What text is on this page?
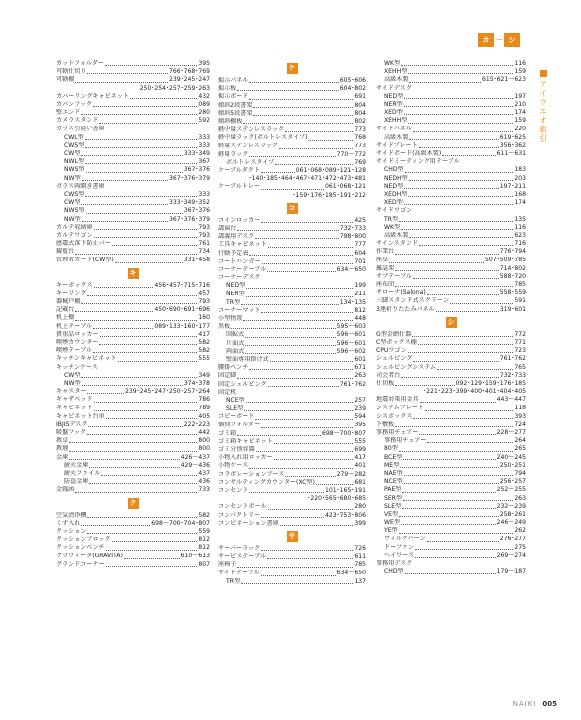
カ － シ
アイウエオ索引
カットフォルダー	395
可動仕切り	766･768･769
可動棚	239･245･247
250･254･257･259･263
カバーリングキャビネット	432
カバンフック	089
壁エンド	280
カメラスタンド	592
ガラス引違い書庫
CWL型	333
CWS型	333
CW型	333･349
NWL型	367
NWS型	367･376
NW型	367･376･379
ガラス両開き書庫
CWS型	333
CW型	333･349･352
NWS型	367･376
NW型	367･376･379
カルテ収納庫	793
カルテワゴン	793
感震式落下防止バー	761
観覧台	734
管理者カード(CW型)	331･458
キ
キーボックス	456･457･715･716
キーリング	457
器械戸棚	793
記載台	450･690･691･696
机上棚	160
机上テーブル	089･133･160･177
貴重品ロッカー	417
喫煙カウンター	582
喫煙テーブル	582
キッチンキャビネット	555
キッチンケース
CW型	349
NW型	374･378
キャスター	239･245･247･250･257･264
ギャザベッド	786
キャビネット	789
キャビネット台車	405
IBJISデスク	222･223
吸盤フック	442
教卓	800
教壇	800
金庫	426～437
耐火金庫	429～436
耐火ファイル	437
防盗金庫	436
金銭函	733
ク
空気清浄機	582
くず入れ	698～700･704･807
クッション	559
クッションブロック	812
クッションベンチ	812
グラヴィータ(GRAVITA)	610～613
グランドコーナー	807
ケ
掲示パネル	605･606
掲示板	604･802
掲示ボード	691
傾斜2段書架	804
傾斜5段書架	804
傾斜棚板	802
軽中量ステンレスラック	773
軽中量ラック(ボルトレスタイプ)	768
軽量ステンレスラック	773
軽量ラック	770～772
ボルトレスタイプ	769
ケーブルダクト	061･068･089･121･128
･140･185･464･467･471･472･473･481
ケーブルトレー	061･068･121
･159･176･185･191･212
コ
コインロッカー	425
講演台	732･733
講義用デスク	798･800
工具キャビネット	777
行動予定表	604
コートハンガー	701
コーナーテーブル	634～650
コーナーデスク
NED型	199
NER型	211
TR型	134･135
コーナーマット	812
小型物置	448
黒板	595～603
回転式	596～601
片面式	596～601
両面式	596～602
壁面専用掛け式	601
腰掛ベンチ	671
固定脚	263
固定シェルビング	761･762
固定机
NCE型	257
SLE型	239
コピーボード	594
個別フォルダー	395
ゴミ箱	698～700･807
ゴミ箱キャビネット	555
ゴミ分別容器	699
小物入れ用ロッカー	417
小物ケース	401
コラボレーションブース	279～282
コンサルティングカウンター(XC型)	681
コンセント	101･165･191
･220･565･680･685
コンセントボール	280
コンパクトリー	423･753･806
コンビネーション書庫	399
サ
サーバーラック	726
サービステーブル	611
座椅子	785
サイドテーブル	634～650
TR型	137
WK型	116
XEHH型	159
高級木製	615･621～623
サイドデスク
NED型	197
NER型	210
XED型	174
XEHH型	159
サイドパネル	220
高級木製	619･625
サイドプレート	356･362
サイドボード(高級木製)	611～631
サイドミーティング用テーブル
CHD型	183
NEDH型	203
NED型	197･211
XEDH型	168
XED型	174
サイドワゴン
TR型	135
WK型	116
高級木製	623
サインスタンド	716
作業台	776･794
座卓	507･509･785
雑誌架	714･802
サブテーブル	588･720
座布団	785
サローナ(Salona)	558･559
三脚スタンド式スクリーン	591
3連折りたたみパネル	319･601
シ
G型金網什器	772
C型ボックス棚	771
CPUワゴン	723
シェルビング	761･762
シェルビングシステム	765
司会者台	732･733
仕切板	092･129･159･176･185
･221･223･399･400･401･404･405
地震対策用金具	443～447
システムプレート	118
シスボックス	393
下敷板	724
事務用チェアー	228～277
事務用チェアー	264
80型	265
BCE型	240～245
ME型	250･251
NAE型	794
NCE型	256･257
PAE型	252～255
SER型	263
SLE型	232～239
VE型	258･261
WE型	246～249
YE型	262
ウィルクハーン	276･277
ドーファン	275
ヘイワース	269～274
事務用デスク
CHD型	179～187
NAIKI 005
